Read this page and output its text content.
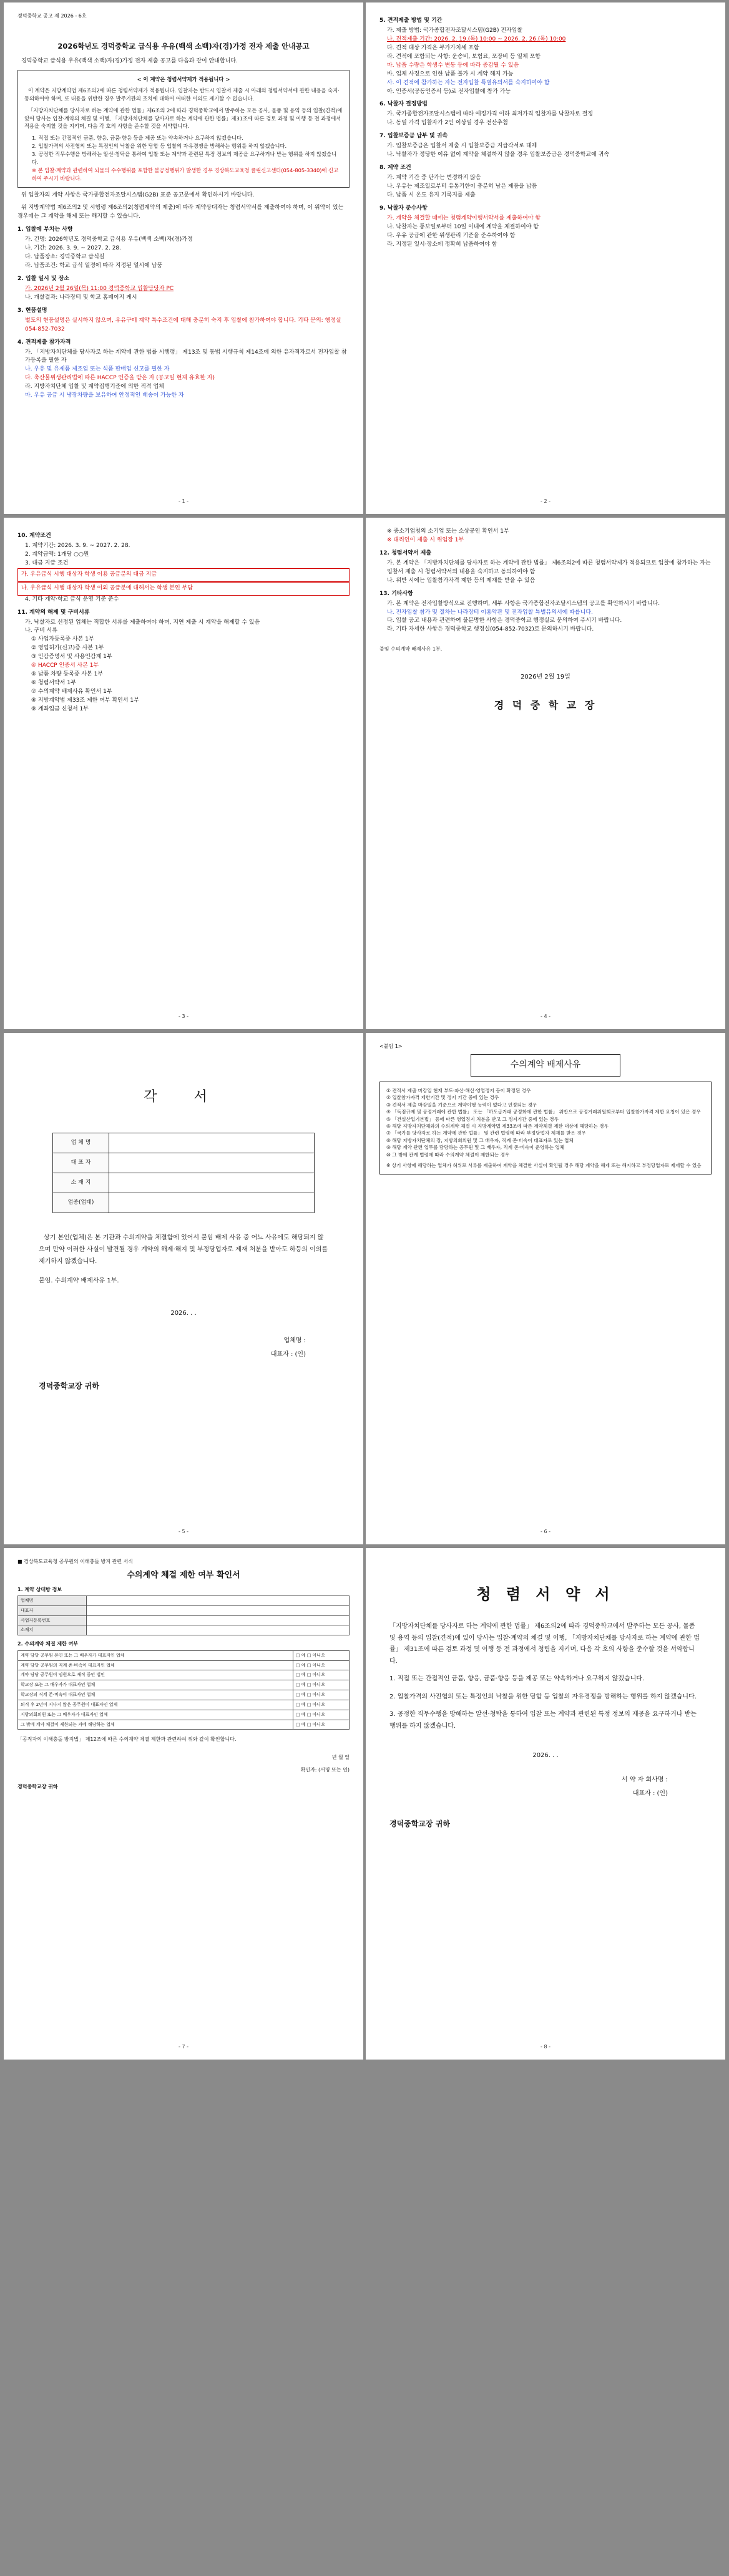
경덕중학교 공고 제 2026 - 6호
2026학년도 경덕중학교 급식용 우유(백색 소백)자(경)가정 전자 제출 안내공고
경덕중학교 급식용 우유(백색 소백)자(경)가정 전자 제출 공고를 다음과 같이 안내합니다.
< 이 계약은 청렴서약제가 적용됩니다 >
이 계약은 지방계약법 제6조의2에 따른 청렴서약제가 적용됩니다. 입찰자는 반드시 입찰서 제출 시 아래의 청렴서약서에 관한 내용을 숙지·동의하여야 하며, 또 내용을 위반한 경우 발주기관의 조치에 대하여 어떠한 이의도 제기할 수 없습니다.
「지방자치단체를 당사자로 하는 계약에 관한 법률」제6조의 2에 따라 경덕중학교에서 발주하는 모든 공사, 물품 및 용역 등의 입찰(견적)에 있어 당사는 입찰·계약의 체결 및 이행, 「지방자치단체를 당사자로 하는 계약에 관한 법률」제31조에 따른 검토 과정 및 이행 등 전 과정에서 적용을 숙지할 것을 지키며, 다음 각 호의 사항을 준수할 것을 서약합니다.
1. 직접 또는 간접적인 금품, 향응, 금품·향응 등을 제공 또는 약속하거나 요구하지 않겠습니다.
2. 입찰가격의 사전협의 또는 특정인의 낙찰을 위한 담합 등 입찰의 자유경쟁을 방해하는 행위를 하지 않겠습니다.
3. 공정한 직무수행을 방해하는 알선·청탁을 통하여 입찰 또는 계약과 관련된 특정 정보의 제공을 요구하거나 받는 행위를 하지 않겠습니다.
※ 본 입찰·계약과 관련하여 뇌물의 수수행위를 포함한 불공정행위가 발생한 경우 경상북도교육청 클린신고센터(054-805-3340)에 신고하여 주시기 바랍니다.
위 입찰자의 계약 사항은 국가종합전자조달시스템(G2B) 표준 공고문에서 확인하시기 바랍니다.
위 지방계약법 제6조의2 및 시행령 제6조의2(청렴계약의 제출)에 따라 계약상대자는 청렴서약서를 제출하여야 하며, 이 위약이 있는 경우에는 그 계약을 해제 또는 해지할 수 있습니다.
1. 입찰에 부치는 사항
가. 건명: 2026학년도 경덕중학교 급식용 우유(백색 소백)자(경)가정
나. 기간: 2026. 3. 9. ~ 2027. 2. 28.
다. 납품장소: 경덕중학교 급식실
라. 납품조건: 학교 급식 일정에 따라 지정된 일시에 납품
2. 입찰 일시 및 장소
가. 2026년 2월 26일(목) 11:00 경덕중학교 입찰담당자 PC
나. 개찰결과: 나라장터 및 학교 홈페이지 게시
3. 현품설명
별도의 현품설명은 실시하지 않으며, 우유구매 계약 특수조건에 대해 충분히 숙지 후 입찰에 참가하여야 합니다. 기타 문의: 행정실 054-852-7032
4. 견적제출 참가자격
가. 「지방자치단체를 당사자로 하는 계약에 관한 법률 시행령」 제13조 및 동법 시행규칙 제14조에 의한 유자격자로서 전자입찰 참가등록을 필한 자
나. 우유 및 유제품 제조업 또는 식품 판매업 신고를 필한 자
다. 축산물위생관리법에 따른 HACCP 인증을 받은 자 (공고일 현재 유효한 자)
라. 지방자치단체 입찰 및 계약집행기준에 의한 적격 업체
마. 우유 공급 시 냉장차량을 보유하여 안정적인 배송이 가능한 자
- 1 -
5. 견적제출 방법 및 기간
가. 제출 방법: 국가종합전자조달시스템(G2B) 전자입찰
나. 견적제출 기간: 2026. 2. 19.(목) 10:00 ~ 2026. 2. 26.(목) 10:00
다. 견적 대상 가격은 부가가치세 포함
라. 견적에 포함되는 사항: 운송비, 보험료, 포장비 등 일체 포함
마. 납품 수량은 학생수 변동 등에 따라 증감될 수 있음
바. 업체 사정으로 인한 납품 불가 시 계약 해지 가능
사. 이 견적에 참가하는 자는 전자입찰 특별유의서를 숙지하여야 함
아. 인증서(공동인증서 등)로 전자입찰에 참가 가능
6. 낙찰자 결정방법
가. 국가종합전자조달시스템에 따라 예정가격 이하 최저가격 입찰자를 낙찰자로 결정
나. 동일 가격 입찰자가 2인 이상일 경우 전산추첨
7. 입찰보증금 납부 및 귀속
가. 입찰보증금은 입찰서 제출 시 입찰보증금 지급각서로 대체
나. 낙찰자가 정당한 이유 없이 계약을 체결하지 않을 경우 입찰보증금은 경덕중학교에 귀속
8. 계약 조건
가. 계약 기간 중 단가는 변경하지 않음
나. 우유는 제조일로부터 유통기한이 충분히 남은 제품을 납품
다. 납품 시 온도 유지 기록지를 제출
9. 낙찰자 준수사항
가. 계약을 체결할 때에는 청렴계약이행서약서를 제출하여야 함
나. 낙찰자는 통보일로부터 10일 이내에 계약을 체결하여야 함
다. 우유 공급에 관한 위생관리 기준을 준수하여야 함
라. 지정된 일시·장소에 정확히 납품하여야 함
- 2 -
10. 계약조건
1. 계약기간: 2026. 3. 9. ~ 2027. 2. 28.
2. 계약금액: 1개당 ○○원
3. 대금 지급 조건
가. 우유급식 시행 대상자 학생 이용 공급분의 대금 지급
나. 우유급식 시행 대상자 학생 이외 공급분에 대해서는 학생 본인 부담
4. 기타 계약·학교 급식 운영 기준 준수
11. 계약의 해제 및 구비서류
가. 낙찰자로 선정된 업체는 적합한 서류를 제출하여야 하며, 지연 제출 시 계약을 해제할 수 있음
나. 구비 서류
① 사업자등록증 사본 1부
② 영업허가(신고)증 사본 1부
③ 인감증명서 및 사용인감계 1부
④ HACCP 인증서 사본 1부
⑤ 납품 차량 등록증 사본 1부
⑥ 청렴서약서 1부
⑦ 수의계약 배제사유 확인서 1부
⑧ 지방계약법 제33조 제한 여부 확인서 1부
⑨ 계좌입금 신청서 1부
- 3 -
※ 중소기업청의 소기업 또는 소상공인 확인서 1부
※ 대리인이 제출 시 위임장 1부
12. 청렴서약서 제출
가. 본 계약은 「지방자치단체를 당사자로 하는 계약에 관한 법률」 제6조의2에 따른 청렴서약제가 적용되므로 입찰에 참가하는 자는 입찰서 제출 시 청렴서약서의 내용을 숙지하고 동의하여야 함
나. 위반 시에는 입찰참가자격 제한 등의 제재를 받을 수 있음
13. 기타사항
가. 본 계약은 전자입찰방식으로 진행하며, 세부 사항은 국가종합전자조달시스템의 공고를 확인하시기 바랍니다.
나. 전자입찰 참가 및 절차는 나라장터 이용약관 및 전자입찰 특별유의서에 따릅니다.
다. 입찰 공고 내용과 관련하여 불분명한 사항은 경덕중학교 행정실로 문의하여 주시기 바랍니다.
라. 기타 자세한 사항은 경덕중학교 행정실(054-852-7032)로 문의하시기 바랍니다.
붙임 수의계약 배제사유 1부.
2026년 2월 19일
경 덕 중 학 교 장
- 4 -
각 서
업 체 명	
대 표 자	
소 재 지	
업종(업태)	
상기 본인(업체)은 본 기관과 수의계약을 체결함에 있어서 붙임 배제 사유 중 어느 사유에도 해당되지 않으며 만약 이러한 사실이 발견될 경우 계약의 해제·해지 및 부정당업자로 제재 처분을 받아도 하등의 이의를 제기하지 않겠습니다.
붙임. 수의계약 배제사유 1부.
2026. . .
업체명 :
대표자 : (인)
경덕중학교장 귀하
- 5 -
<붙임 1>
수의계약 배제사유
① 견적서 제출 마감일 현재 부도·파산·해산·영업정지 등이 확정된 경우
② 입찰참가자격 제한기간 및 정지 기간 중에 있는 경우
③ 견적서 제출 마감일을 기준으로 계약이행 능력이 없다고 인정되는 경우
④ 「독점규제 및 공정거래에 관한 법률」 또는 「하도급거래 공정화에 관한 법률」 위반으로 공정거래위원회로부터 입찰참가자격 제한 요청이 있은 경우
⑤ 「건설산업기본법」 등에 따른 영업정지 처분을 받고 그 정지기간 중에 있는 경우
⑥ 해당 지방자치단체와의 수의계약 체결 시 지방계약법 제33조에 따른 계약체결 제한 대상에 해당하는 경우
⑦ 「국가를 당사자로 하는 계약에 관한 법률」 및 관련 법령에 따라 부정당업자 제재를 받은 경우
⑧ 해당 지방자치단체의 장, 지방의회의원 및 그 배우자, 직계 존·비속이 대표자로 있는 업체
⑨ 해당 계약 관련 업무를 담당하는 공무원 및 그 배우자, 직계 존·비속이 운영하는 업체
⑩ 그 밖에 관계 법령에 따라 수의계약 체결이 제한되는 경우
※ 상기 사항에 해당하는 업체가 허위로 서류를 제출하여 계약을 체결한 사실이 확인될 경우 해당 계약을 해제 또는 해지하고 부정당업자로 제재할 수 있음
- 6 -
■ 경상북도교육청 공무원의 이해충돌 방지 관련 서식
수의계약 체결 제한 여부 확인서
1. 계약 상대방 정보
업체명	
대표자	
사업자등록번호	
소재지	
2. 수의계약 체결 제한 여부
계약 담당 공무원 본인 또는 그 배우자가 대표자인 업체	□ 예 □ 아니오
계약 담당 공무원의 직계 존·비속이 대표자인 업체	□ 예 □ 아니오
계약 담당 공무원이 임원으로 재직 중인 법인	□ 예 □ 아니오
학교장 또는 그 배우자가 대표자인 업체	□ 예 □ 아니오
학교장의 직계 존·비속이 대표자인 업체	□ 예 □ 아니오
퇴직 후 2년이 지나지 않은 공무원이 대표자인 업체	□ 예 □ 아니오
지방의회의원 또는 그 배우자가 대표자인 업체	□ 예 □ 아니오
그 밖에 계약 체결이 제한되는 자에 해당하는 업체	□ 예 □ 아니오
「공직자의 이해충돌 방지법」 제12조에 따른 수의계약 체결 제한과 관련하여 위와 같이 확인합니다.
년 월 일
확인자: (서명 또는 인)
경덕중학교장 귀하
- 7 -
청 렴 서 약 서
「지방자치단체를 당사자로 하는 계약에 관한 법률」 제6조의2에 따라 경덕중학교에서 발주하는 모든 공사, 물품 및 용역 등의 입찰(견적)에 있어 당사는 입찰·계약의 체결 및 이행, 「지방자치단체를 당사자로 하는 계약에 관한 법률」 제31조에 따른 검토 과정 및 이행 등 전 과정에서 청렴을 지키며, 다음 각 호의 사항을 준수할 것을 서약합니다.
1. 직접 또는 간접적인 금품, 향응, 금품·향응 등을 제공 또는 약속하거나 요구하지 않겠습니다.
2. 입찰가격의 사전협의 또는 특정인의 낙찰을 위한 담합 등 입찰의 자유경쟁을 방해하는 행위를 하지 않겠습니다.
3. 공정한 직무수행을 방해하는 알선·청탁을 통하여 입찰 또는 계약과 관련된 특정 정보의 제공을 요구하거나 받는 행위를 하지 않겠습니다.
2026. . .
서 약 자 회사명 :
대표자 : (인)
경덕중학교장 귀하
- 8 -
